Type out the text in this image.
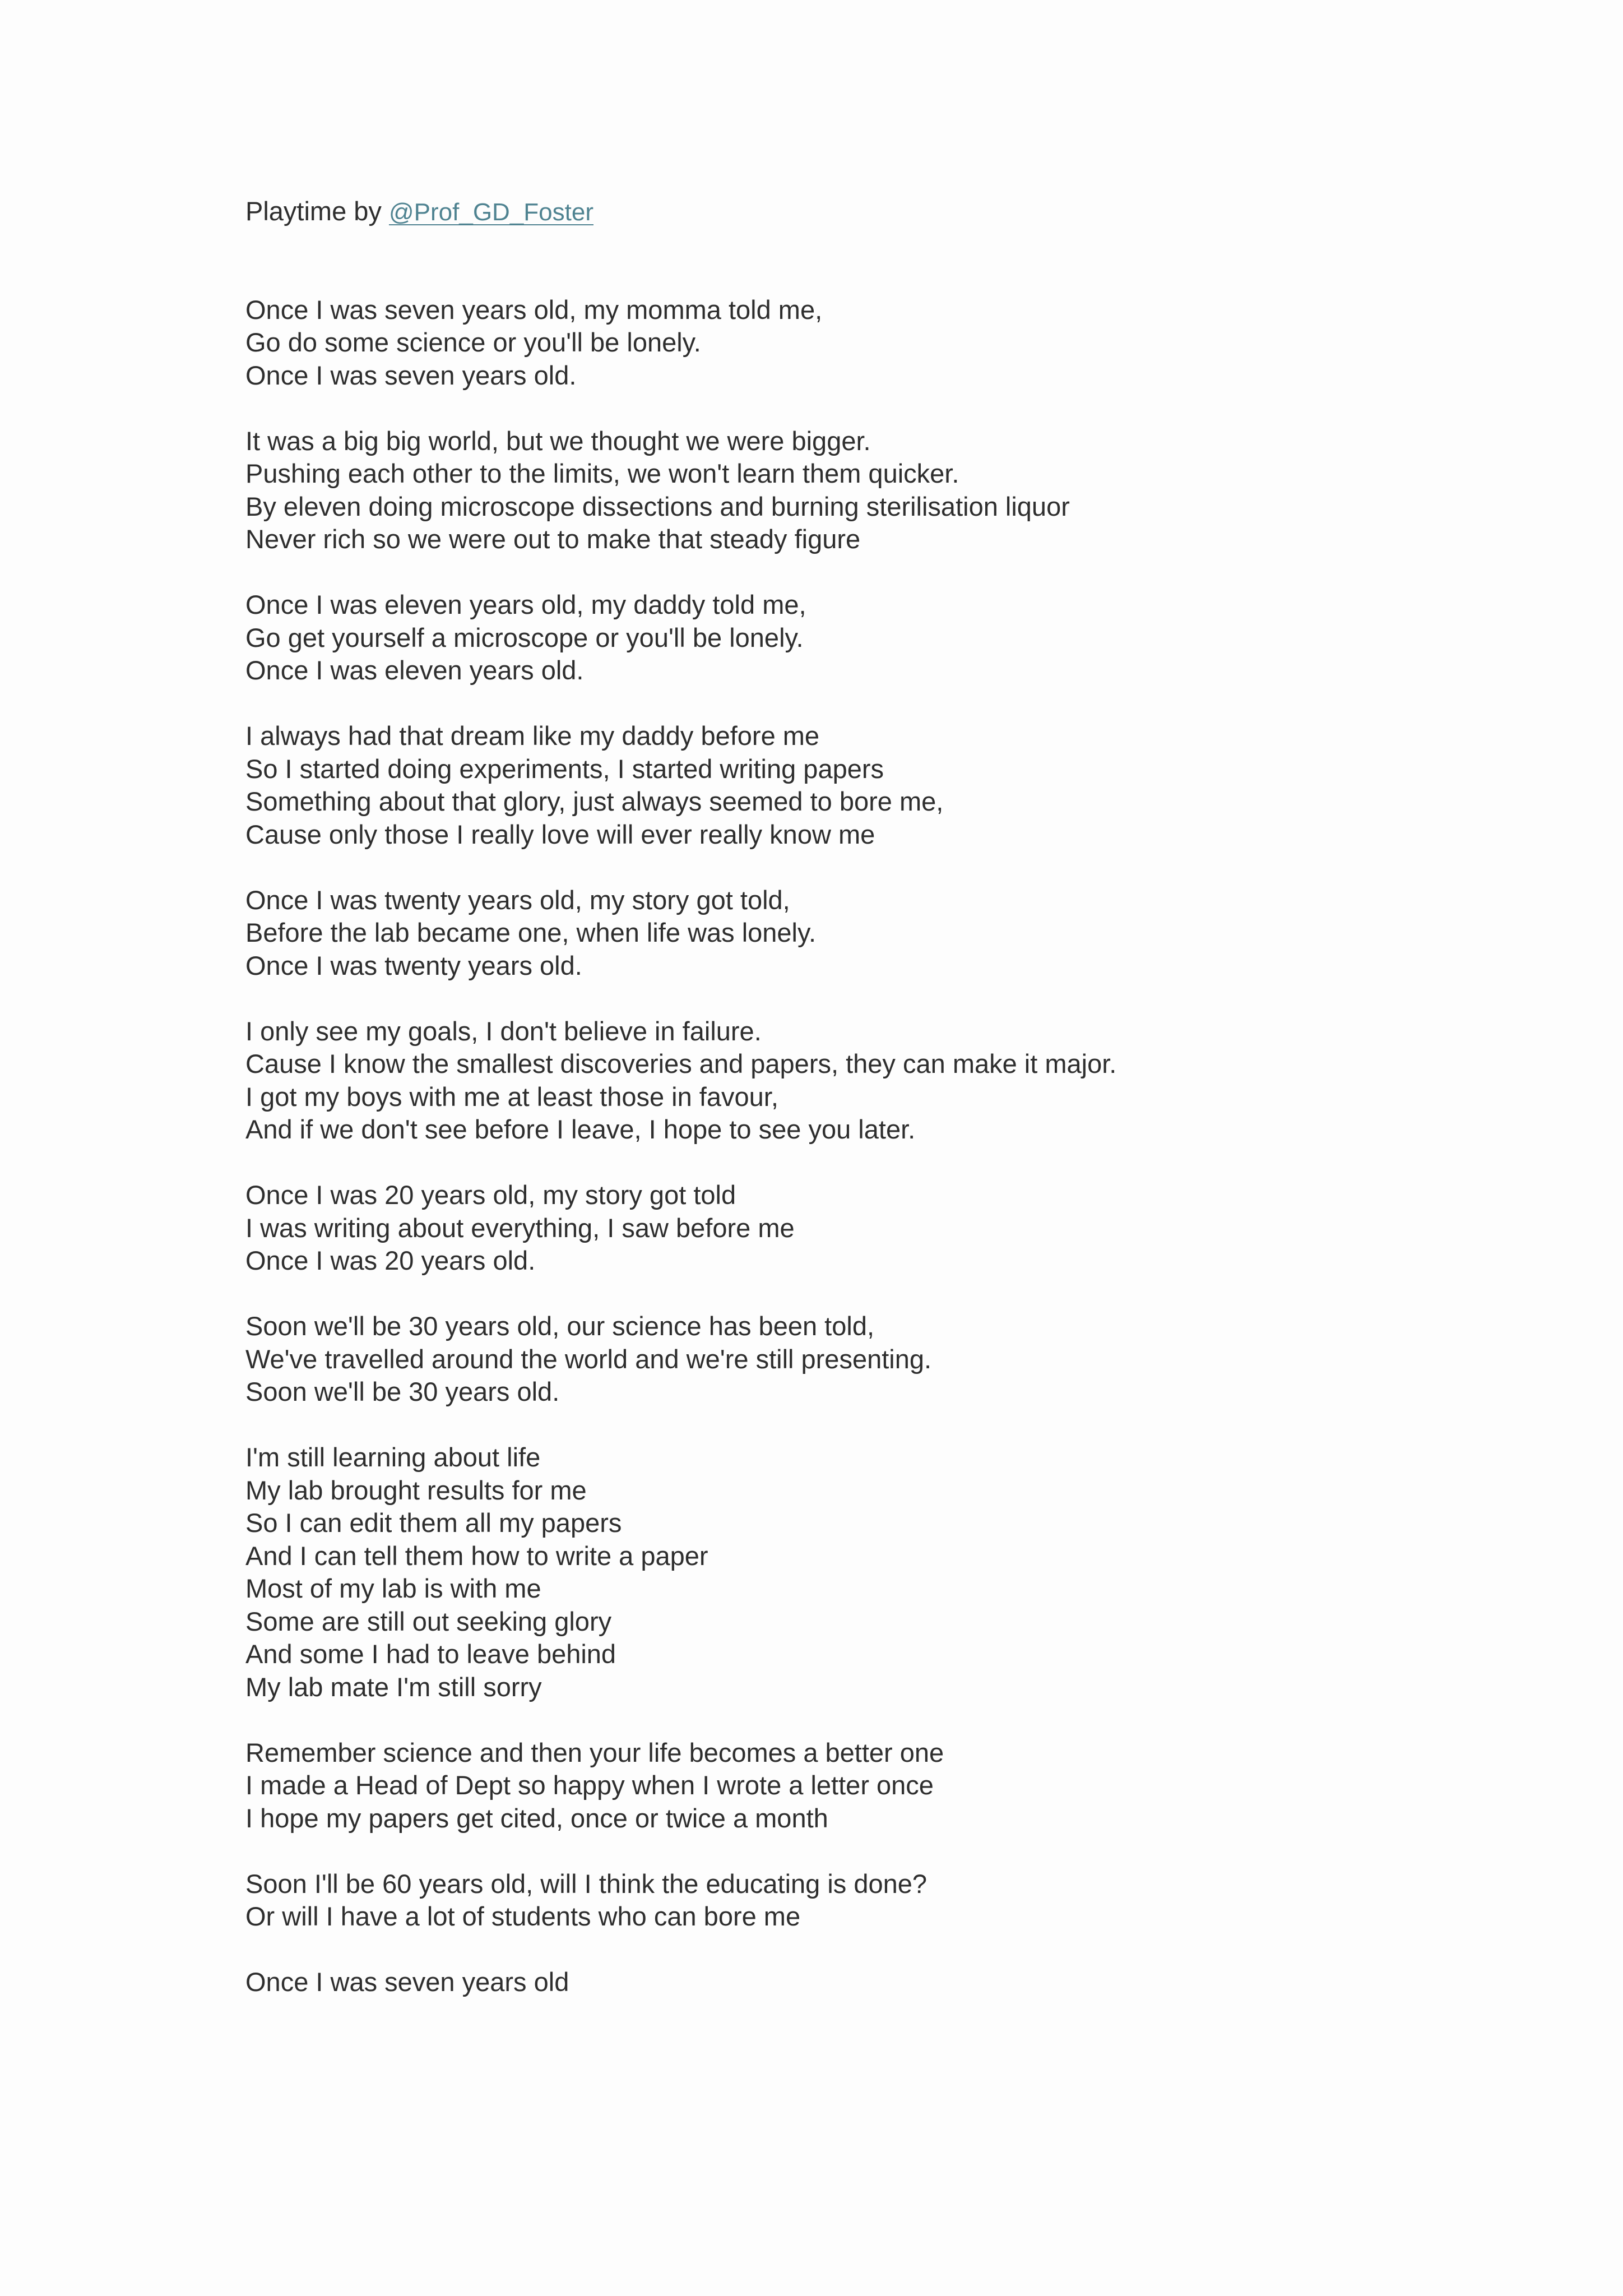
Playtime by @Prof_GD_Foster

Once I was seven years old, my momma told me,
Go do some science or you'll be lonely.
Once I was seven years old.
It was a big big world, but we thought we were bigger.
Pushing each other to the limits, we won't learn them quicker.
By eleven doing microscope dissections and burning sterilisation liquor
Never rich so we were out to make that steady figure
Once I was eleven years old, my daddy told me,
Go get yourself a microscope or you'll be lonely.
Once I was eleven years old.
I always had that dream like my daddy before me
So I started doing experiments, I started writing papers
Something about that glory, just always seemed to bore me,
Cause only those I really love will ever really know me
Once I was twenty years old, my story got told,
Before the lab became one, when life was lonely.
Once I was twenty years old.
I only see my goals, I don't believe in failure.
Cause I know the smallest discoveries and papers, they can make it major.
I got my boys with me at least those in favour,
And if we don't see before I leave, I hope to see you later.
Once I was 20 years old, my story got told
I was writing about everything, I saw before me
Once I was 20 years old.
Soon we'll be 30 years old, our science has been told,
We've travelled around the world and we're still presenting.
Soon we'll be 30 years old.
I'm still learning about life
My lab brought results for me
So I can edit them all my papers
And I can tell them how to write a paper
Most of my lab is with me
Some are still out seeking glory
And some I had to leave behind
My lab mate I'm still sorry
Remember science and then your life becomes a better one
I made a Head of Dept so happy when I wrote a letter once
I hope my papers get cited, once or twice a month
Soon I'll be 60 years old, will I think the educating is done?
Or will I have a lot of students who can bore me
Once I was seven years old
